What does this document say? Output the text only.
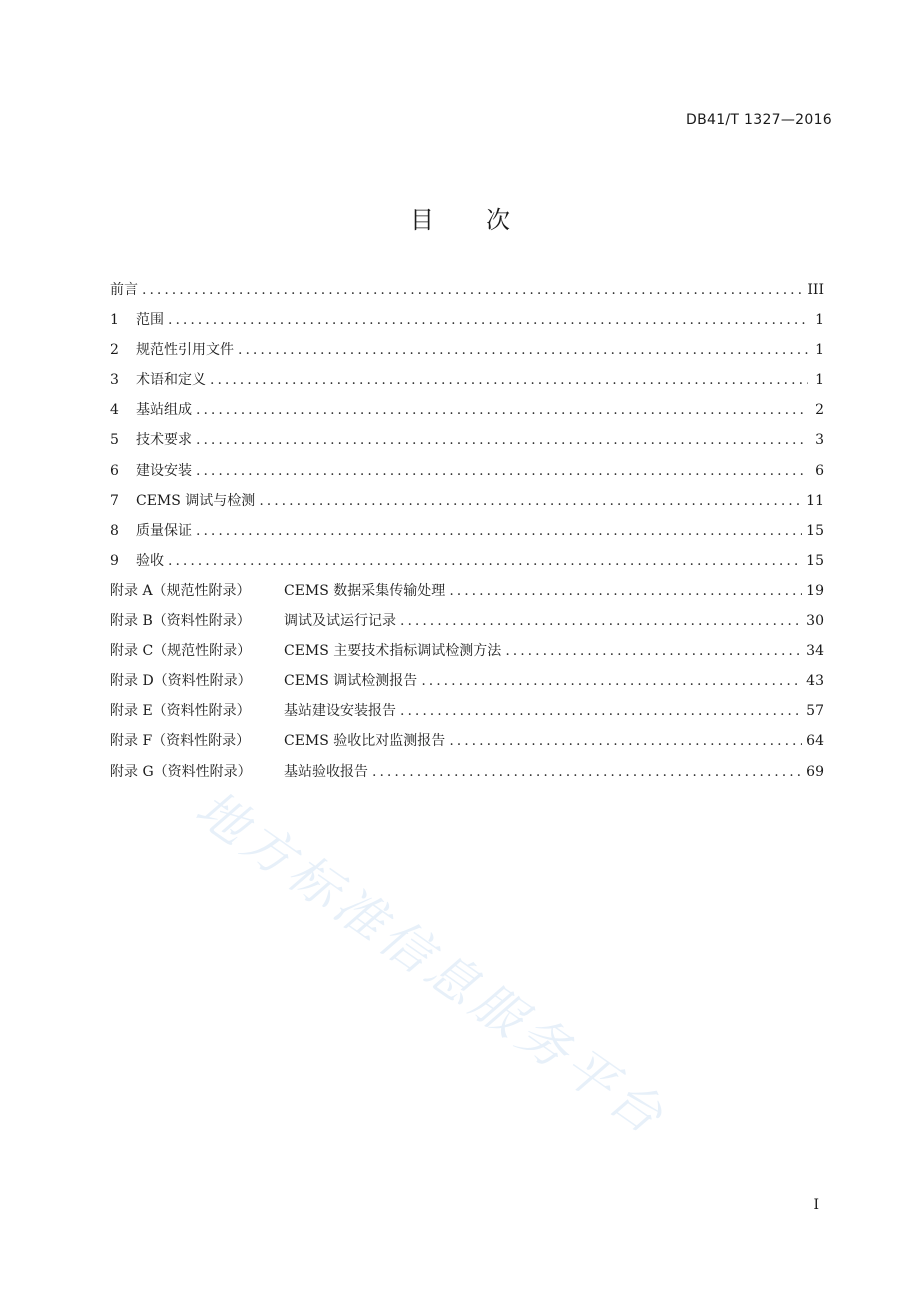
DB41/T 1327—2016
目 次
前言 .....	III
1	范围 .....	1
2	规范性引用文件 .....	1
3	术语和定义 .....	1
4	基站组成 .....	2
5	技术要求 .....	3
6	建设安装 .....	6
7	CEMS 调试与检测 .....	11
8	质量保证 .....	15
9	验收 .....	15
附录 A（规范性附录）	CEMS 数据采集传输处理 .....	19
附录 B（资料性附录）	调试及试运行记录 .....	30
附录 C（规范性附录）	CEMS 主要技术指标调试检测方法 .....	34
附录 D（资料性附录）	CEMS 调试检测报告 .....	43
附录 E（资料性附录）	基站建设安装报告 .....	57
附录 F（资料性附录）	CEMS 验收比对监测报告 .....	64
附录 G（资料性附录）	基站验收报告 .....	69
地方标准信息服务平台
I
